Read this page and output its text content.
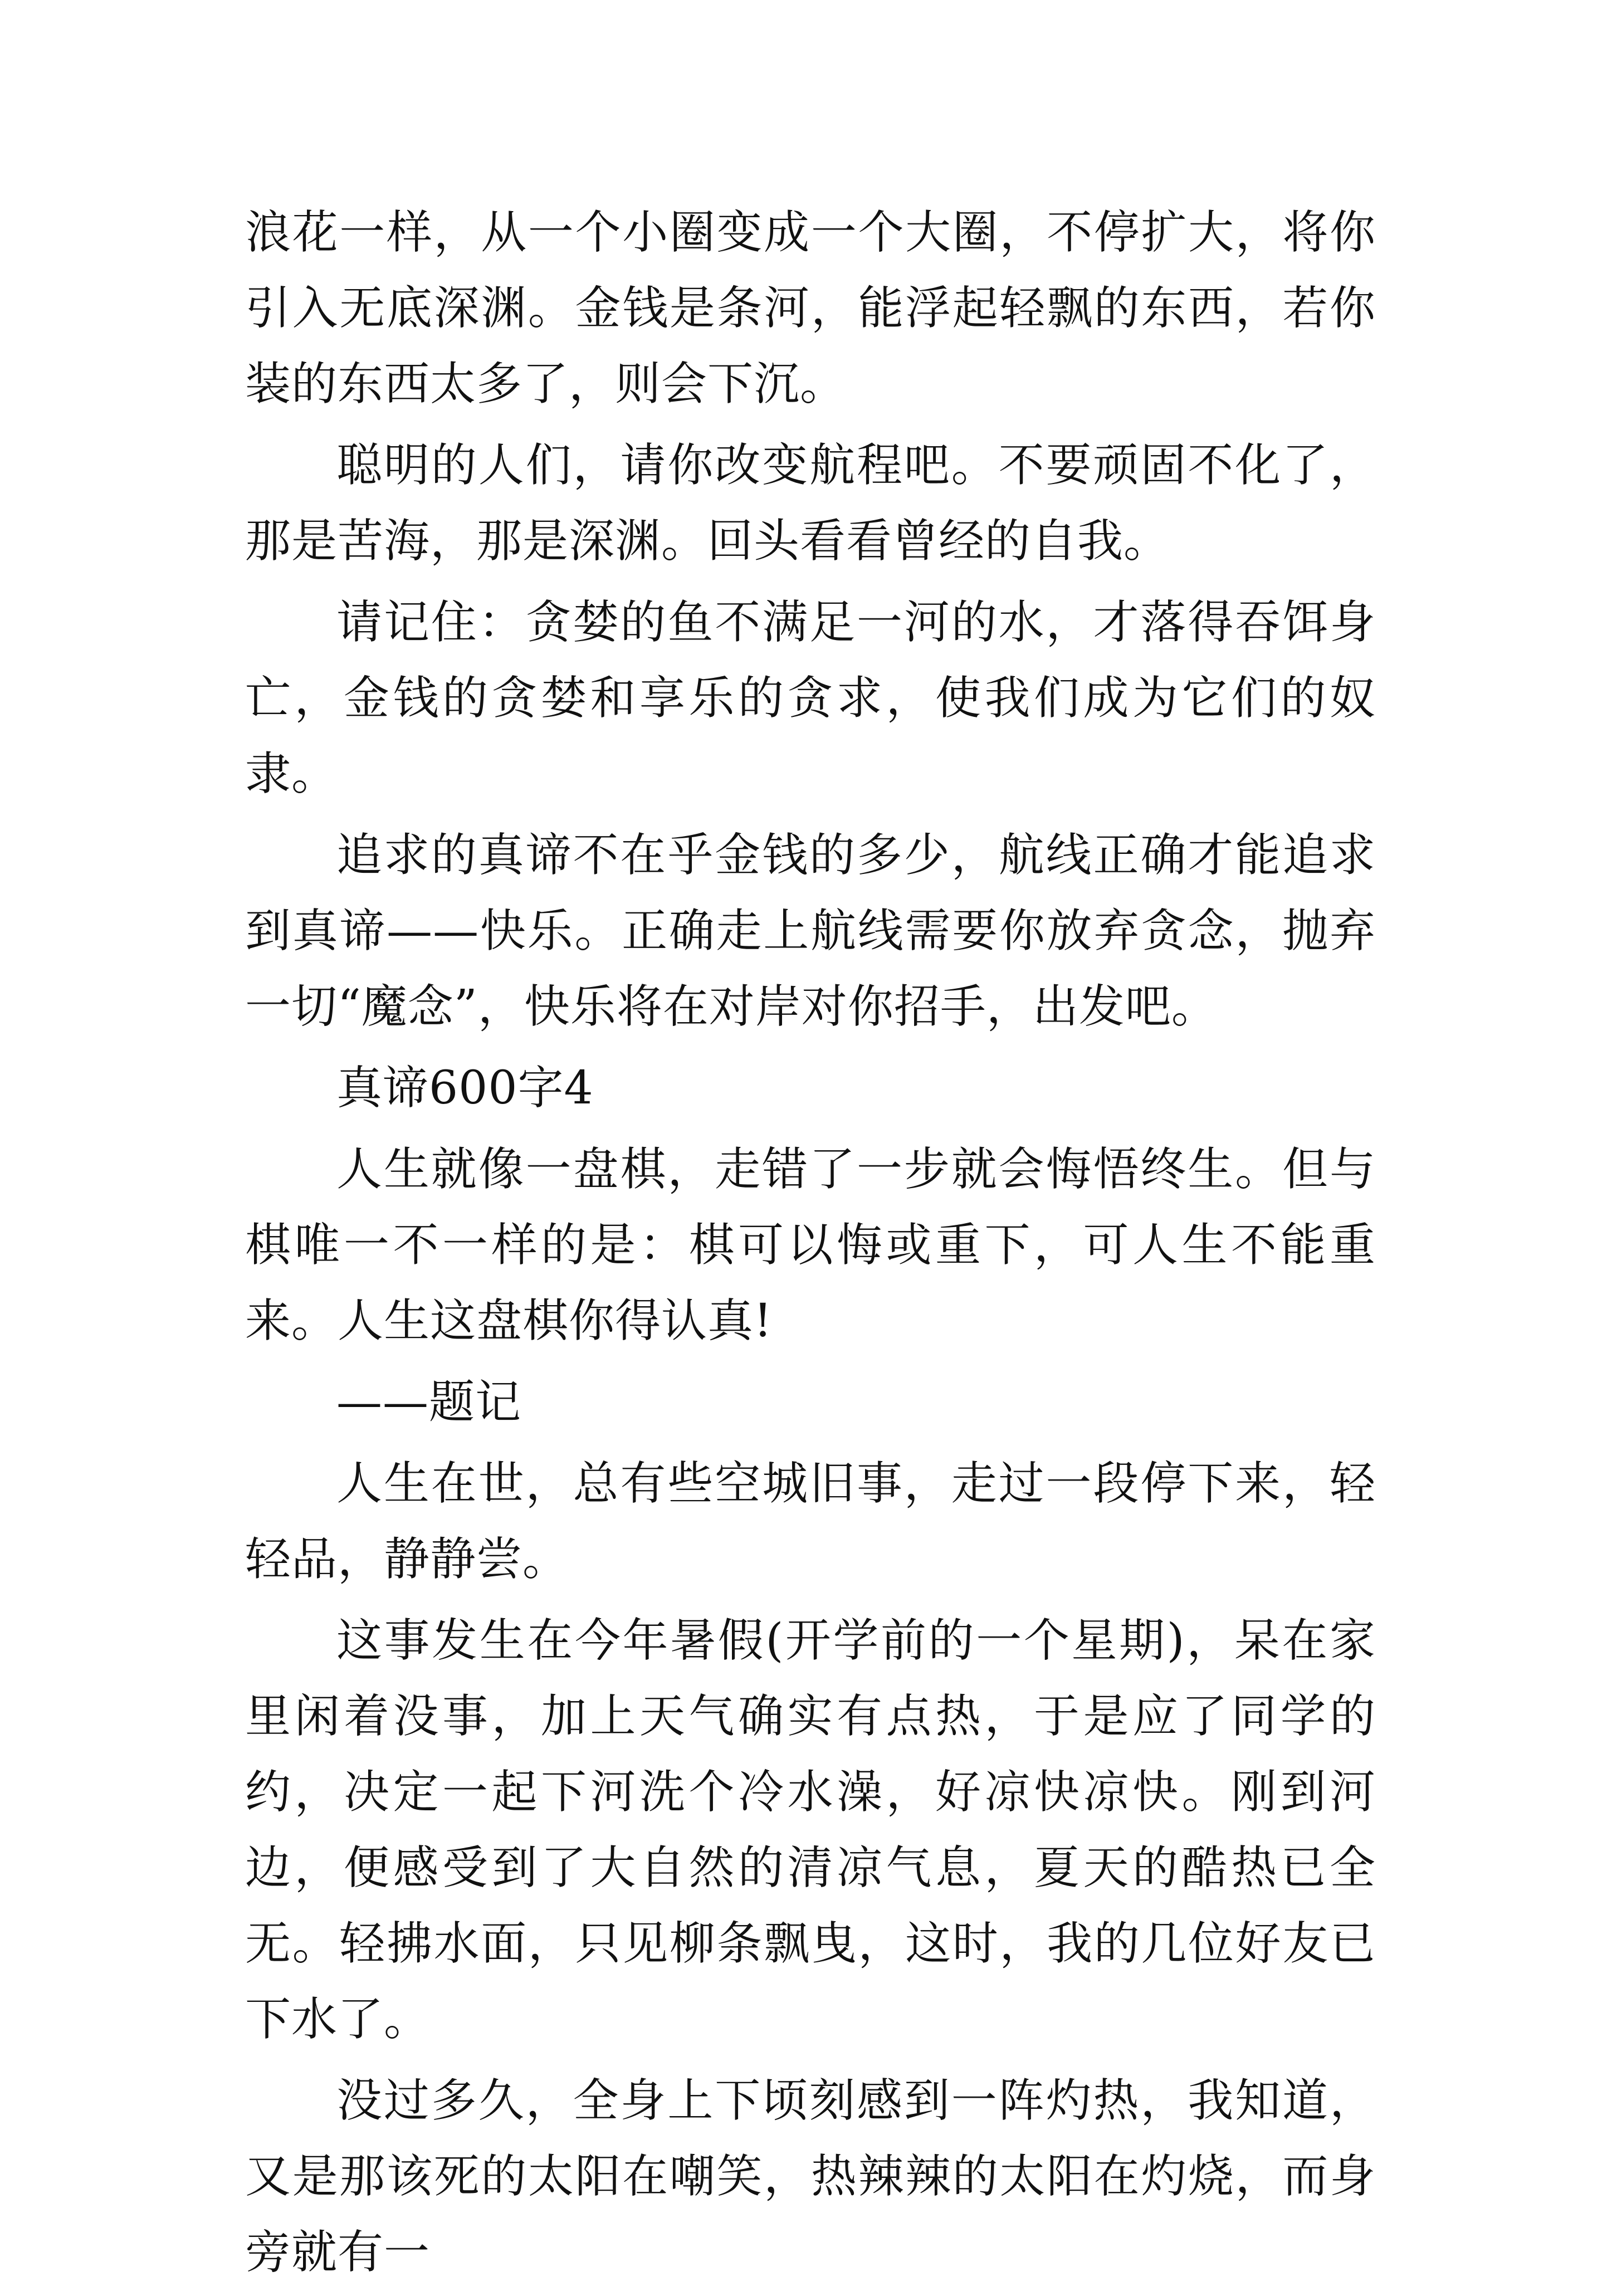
浪花一样，从一个小圈变成一个大圈，不停扩大，将你引入无底深渊。金钱是条河，能浮起轻飘的东西，若你装的东西太多了，则会下沉。

聪明的人们，请你改变航程吧。不要顽固不化了，那是苦海，那是深渊。回头看看曾经的自我。

请记住：贪婪的鱼不满足一河的水，才落得吞饵身亡，金钱的贪婪和享乐的贪求，使我们成为它们的奴隶。

追求的真谛不在乎金钱的多少，航线正确才能追求到真谛——快乐。正确走上航线需要你放弃贪念，抛弃一切“魔念”，快乐将在对岸对你招手，出发吧。

真谛600字4

人生就像一盘棋，走错了一步就会悔悟终生。但与棋唯一不一样的是：棋可以悔或重下，可人生不能重来。人生这盘棋你得认真!

——题记

人生在世，总有些空城旧事，走过一段停下来，轻轻品，静静尝。

这事发生在今年暑假(开学前的一个星期)，呆在家里闲着没事，加上天气确实有点热，于是应了同学的约，决定一起下河洗个冷水澡，好凉快凉快。刚到河边，便感受到了大自然的清凉气息，夏天的酷热已全无。轻拂水面，只见柳条飘曳，这时，我的几位好友已下水了。

没过多久，全身上下顷刻感到一阵灼热，我知道，又是那该死的太阳在嘲笑，热辣辣的太阳在灼烧，而身旁就有一
